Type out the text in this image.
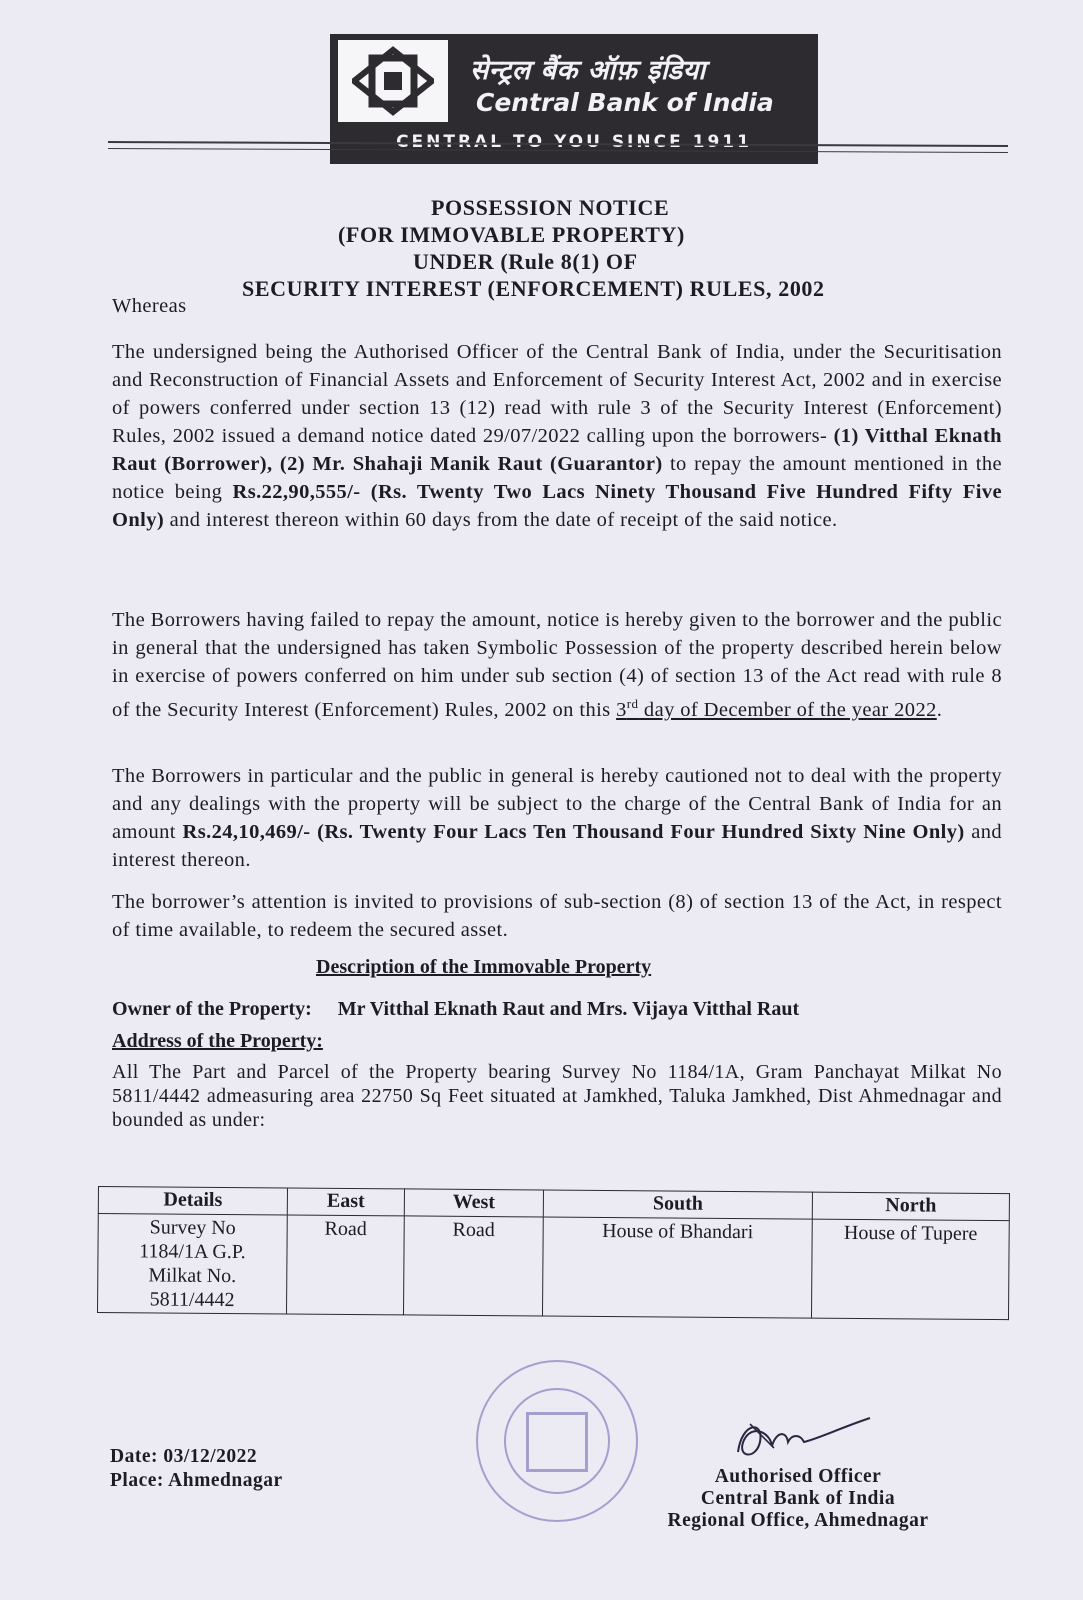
सेन्ट्रल बैंक ऑफ़ इंडिया
Central Bank of India
CENTRAL TO YOU SINCE 1911
POSSESSION NOTICE
(FOR IMMOVABLE PROPERTY)
UNDER (Rule 8(1) OF
SECURITY INTEREST (ENFORCEMENT) RULES, 2002
Whereas
The undersigned being the Authorised Officer of the Central Bank of India, under the Securitisation and Reconstruction of Financial Assets and Enforcement of Security Interest Act, 2002 and in exercise of powers conferred under section 13 (12) read with rule 3 of the Security Interest (Enforcement) Rules, 2002 issued a demand notice dated 29/07/2022 calling upon the borrowers- (1) Vitthal Eknath Raut (Borrower), (2) Mr. Shahaji Manik Raut (Guarantor) to repay the amount mentioned in the notice being Rs.22,90,555/- (Rs. Twenty Two Lacs Ninety Thousand Five Hundred Fifty Five Only) and interest thereon within 60 days from the date of receipt of the said notice.
The Borrowers having failed to repay the amount, notice is hereby given to the borrower and the public in general that the undersigned has taken Symbolic Possession of the property described herein below in exercise of powers conferred on him under sub section (4) of section 13 of the Act read with rule 8 of the Security Interest (Enforcement) Rules, 2002 on this 3rd day of December of the year 2022.
The Borrowers in particular and the public in general is hereby cautioned not to deal with the property and any dealings with the property will be subject to the charge of the Central Bank of India for an amount Rs.24,10,469/- (Rs. Twenty Four Lacs Ten Thousand Four Hundred Sixty Nine Only) and interest thereon.
The borrower’s attention is invited to provisions of sub-section (8) of section 13 of the Act, in respect of time available, to redeem the secured asset.
Description of the Immovable Property
Owner of the Property: Mr Vitthal Eknath Raut and Mrs. Vijaya Vitthal Raut
Address of the Property:
All The Part and Parcel of the Property bearing Survey No 1184/1A, Gram Panchayat Milkat No 5811/4442 admeasuring area 22750 Sq Feet situated at Jamkhed, Taluka Jamkhed, Dist Ahmednagar and bounded as under:
Details	East	West	South	North

Survey No
1184/1A G.P.
Milkat No.
5811/4442	Road	Road	House of Bhandari	House of Tupere
Date: 03/12/2022
Place: Ahmednagar	Authorised Officer
Central Bank of India
Regional Office, Ahmednagar
